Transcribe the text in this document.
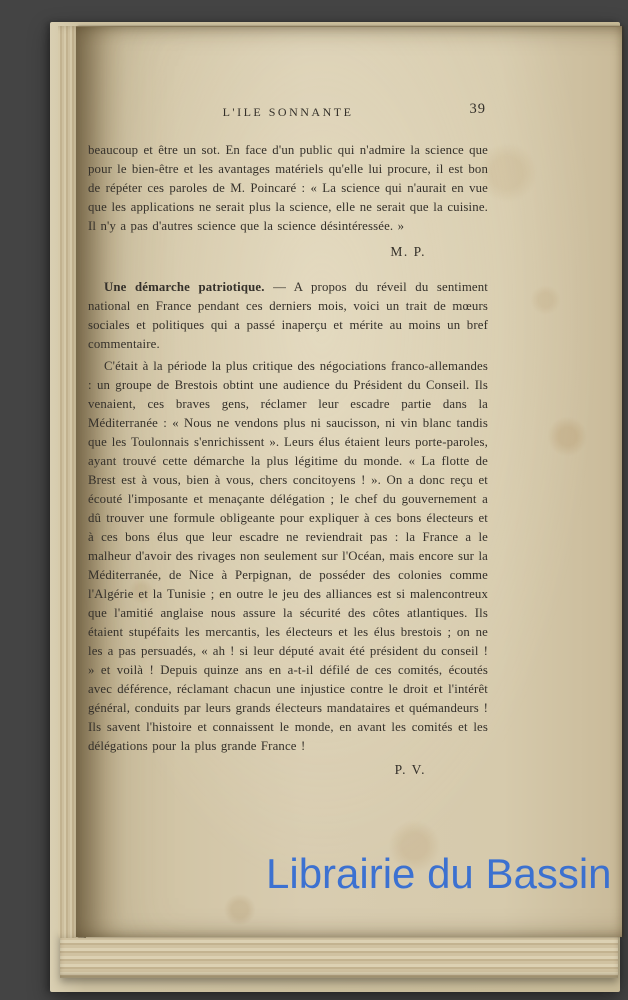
L'ILE SONNANTE	39

beaucoup et être un sot. En face d'un public qui n'admire la science que pour le bien-être et les avantages matériels qu'elle lui procure, il est bon de répéter ces paroles de M. Poincaré : « La science qui n'aurait en vue que les applications ne serait plus la science, elle ne serait que la cuisine. Il n'y a pas d'autres science que la science désintéressée. »

M. P.

Une démarche patriotique. — A propos du réveil du sentiment national en France pendant ces derniers mois, voici un trait de mœurs sociales et politiques qui a passé inaperçu et mérite au moins un bref commentaire.

C'était à la période la plus critique des négociations franco-allemandes : un groupe de Brestois obtint une audience du Président du Conseil. Ils venaient, ces braves gens, réclamer leur escadre partie dans la Méditerranée : « Nous ne vendons plus ni saucisson, ni vin blanc tandis que les Toulonnais s'enrichissent ». Leurs élus étaient leurs porte-paroles, ayant trouvé cette démarche la plus légitime du monde. « La flotte de Brest est à vous, bien à vous, chers concitoyens ! ». On a donc reçu et écouté l'imposante et menaçante délégation ; le chef du gouvernement a dû trouver une formule obligeante pour expliquer à ces bons électeurs et à ces bons élus que leur escadre ne reviendrait pas : la France a le malheur d'avoir des rivages non seulement sur l'Océan, mais encore sur la Méditerranée, de Nice à Perpignan, de posséder des colonies comme l'Algérie et la Tunisie ; en outre le jeu des alliances est si malencontreux que l'amitié anglaise nous assure la sécurité des côtes atlantiques. Ils étaient stupéfaits les mercantis, les électeurs et les élus brestois ; on ne les a pas persuadés, « ah ! si leur député avait été président du conseil ! » et voilà ! Depuis quinze ans en a-t-il défilé de ces comités, écoutés avec déférence, réclamant chacun une injustice contre le droit et l'intérêt général, conduits par leurs grands électeurs mandataires et quémandeurs ! Ils savent l'histoire et connaissent le monde, en avant les comités et les délégations pour la plus grande France !

P. V.

Librairie du Bassin
